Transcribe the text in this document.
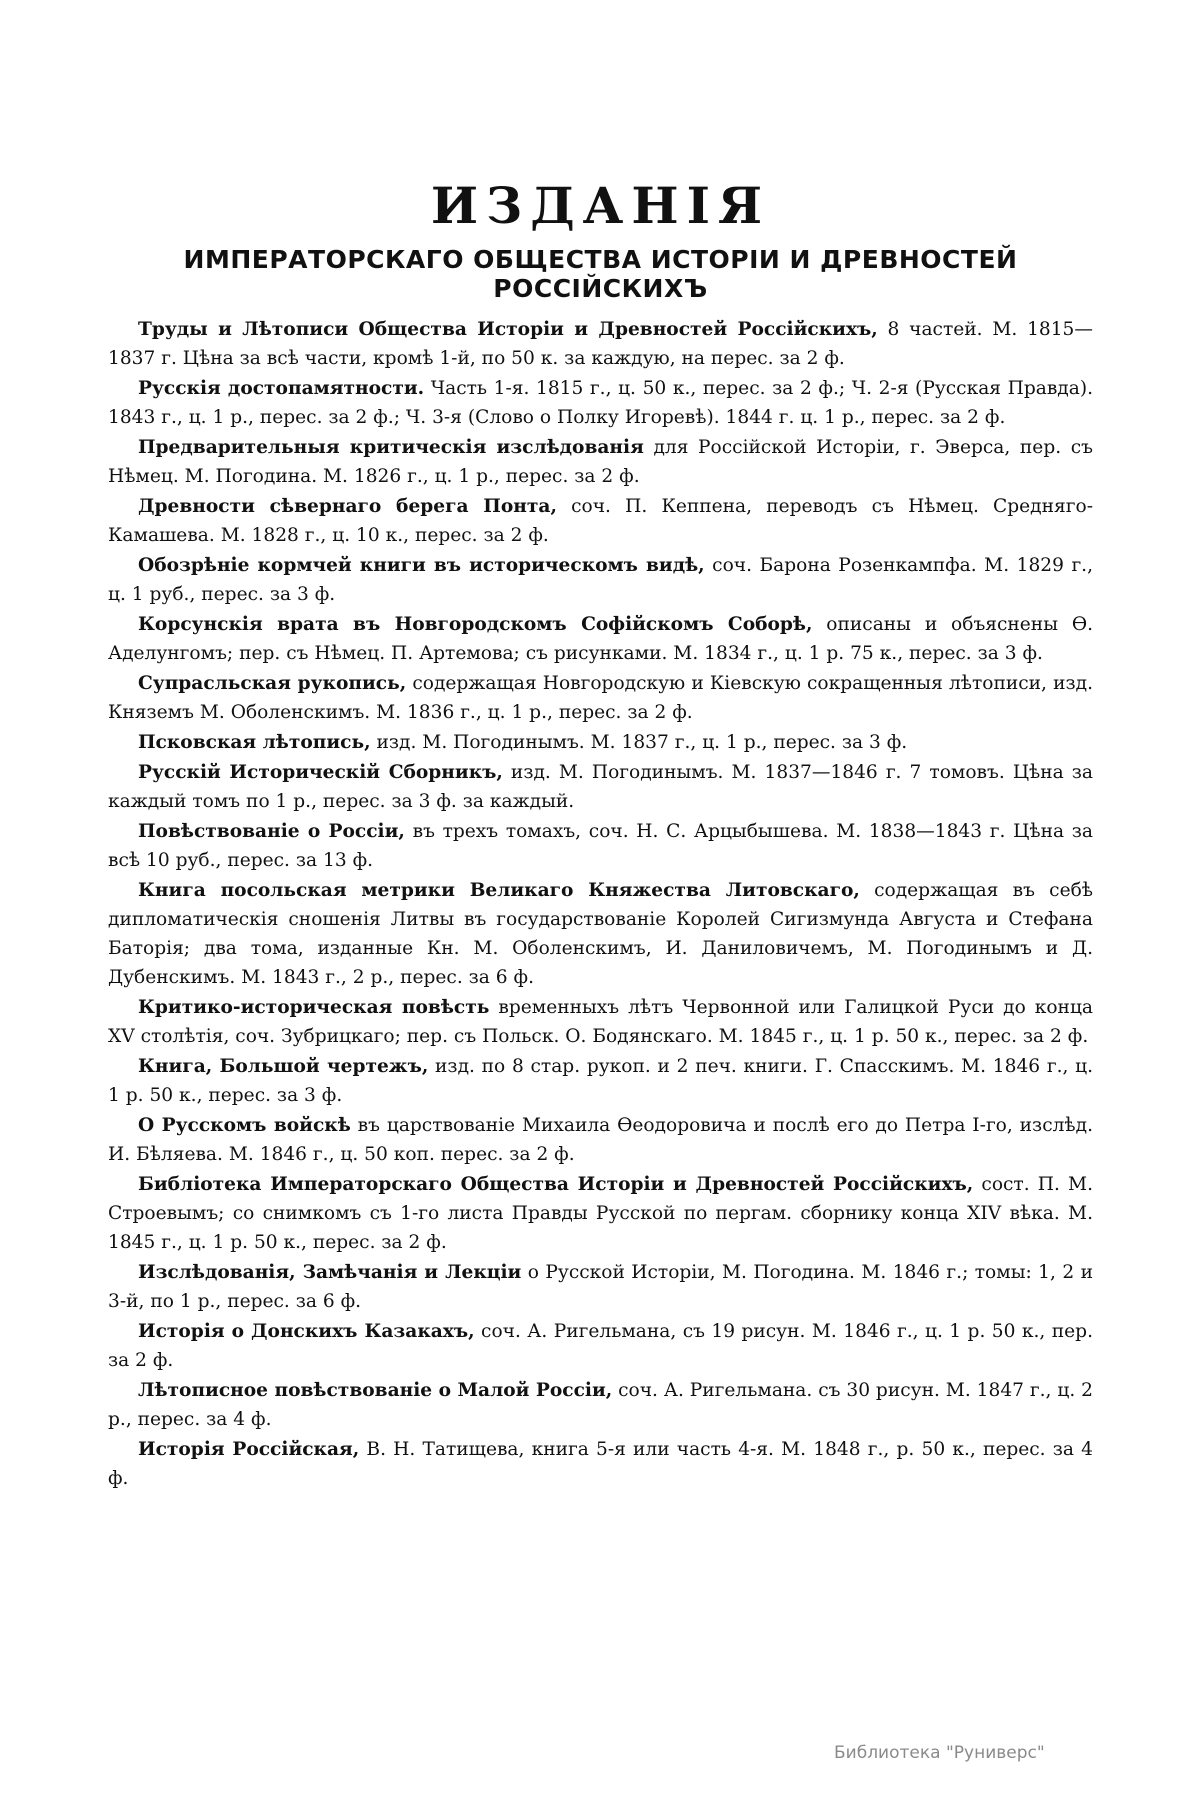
ИЗДАНІЯ
ИМПЕРАТОРСКАГО ОБЩЕСТВА ИСТОРІИ И ДРЕВНОСТЕЙ РОССІЙСКИХЪ
Труды и Лѣтописи Общества Исторіи и Древностей Россійскихъ, 8 частей. М. 1815—1837 г. Цѣна за всѣ части, кромѣ 1-й, по 50 к. за каждую, на перес. за 2 ф.
Русскія достопамятности. Часть 1-я. 1815 г., ц. 50 к., перес. за 2 ф.; Ч. 2-я (Русская Правда). 1843 г., ц. 1 р., перес. за 2 ф.; Ч. 3-я (Слово о Полку Игоревѣ). 1844 г. ц. 1 р., перес. за 2 ф.
Предварительныя критическія изслѣдованія для Россійской Исторіи, г. Эверса, пер. съ Нѣмец. М. Погодина. М. 1826 г., ц. 1 р., перес. за 2 ф.
Древности сѣвернаго берега Понта, соч. П. Кеппена, переводъ съ Нѣмец. Средняго-Камашева. М. 1828 г., ц. 10 к., перес. за 2 ф.
Обозрѣніе кормчей книги въ историческомъ видѣ, соч. Барона Розенкампфа. М. 1829 г., ц. 1 руб., перес. за 3 ф.
Корсунскія врата въ Новгородскомъ Софійскомъ Соборѣ, описаны и объяснены Ѳ. Аделунгомъ; пер. съ Нѣмец. П. Артемова; съ рисунками. М. 1834 г., ц. 1 р. 75 к., перес. за 3 ф.
Супрасльская рукопись, содержащая Новгородскую и Кіевскую сокращенныя лѣтописи, изд. Княземъ М. Оболенскимъ. М. 1836 г., ц. 1 р., перес. за 2 ф.
Псковская лѣтопись, изд. М. Погодинымъ. М. 1837 г., ц. 1 р., перес. за 3 ф.
Русскій Историческій Сборникъ, изд. М. Погодинымъ. М. 1837—1846 г. 7 томовъ. Цѣна за каждый томъ по 1 р., перес. за 3 ф. за каждый.
Повѣствованіе о Россіи, въ трехъ томахъ, соч. Н. С. Арцыбышева. М. 1838—1843 г. Цѣна за всѣ 10 руб., перес. за 13 ф.
Книга посольская метрики Великаго Княжества Литовскаго, содержащая въ себѣ дипломатическія сношенія Литвы въ государствованіе Королей Сигизмунда Августа и Стефана Баторія; два тома, изданные Кн. М. Оболенскимъ, И. Даниловичемъ, М. Погодинымъ и Д. Дубенскимъ. М. 1843 г., 2 р., перес. за 6 ф.
Критико-историческая повѣсть временныхъ лѣтъ Червонной или Галицкой Руси до конца XV столѣтія, соч. Зубрицкаго; пер. съ Польск. О. Бодянскаго. М. 1845 г., ц. 1 р. 50 к., перес. за 2 ф.
Книга, Большой чертежъ, изд. по 8 стар. рукоп. и 2 печ. книги. Г. Спасскимъ. М. 1846 г., ц. 1 р. 50 к., перес. за 3 ф.
О Русскомъ войскѣ въ царствованіе Михаила Ѳеодоровича и послѣ его до Петра I-го, изслѣд. И. Бѣляева. М. 1846 г., ц. 50 коп. перес. за 2 ф.
Библіотека Императорскаго Общества Исторіи и Древностей Россійскихъ, сост. П. М. Строевымъ; со снимкомъ съ 1-го листа Правды Русской по пергам. сборнику конца XIV вѣка. М. 1845 г., ц. 1 р. 50 к., перес. за 2 ф.
Изслѣдованія, Замѣчанія и Лекціи о Русской Исторіи, М. Погодина. М. 1846 г.; томы: 1, 2 и 3-й, по 1 р., перес. за 6 ф.
Исторія о Донскихъ Казакахъ, соч. А. Ригельмана, съ 19 рисун. М. 1846 г., ц. 1 р. 50 к., пер. за 2 ф.
Лѣтописное повѣствованіе о Малой Россіи, соч. А. Ригельмана. съ 30 рисун. М. 1847 г., ц. 2 р., перес. за 4 ф.
Исторія Россійская, В. Н. Татищева, книга 5-я или часть 4-я. М. 1848 г., р. 50 к., перес. за 4 ф.
Библиотека "Руниверс"
